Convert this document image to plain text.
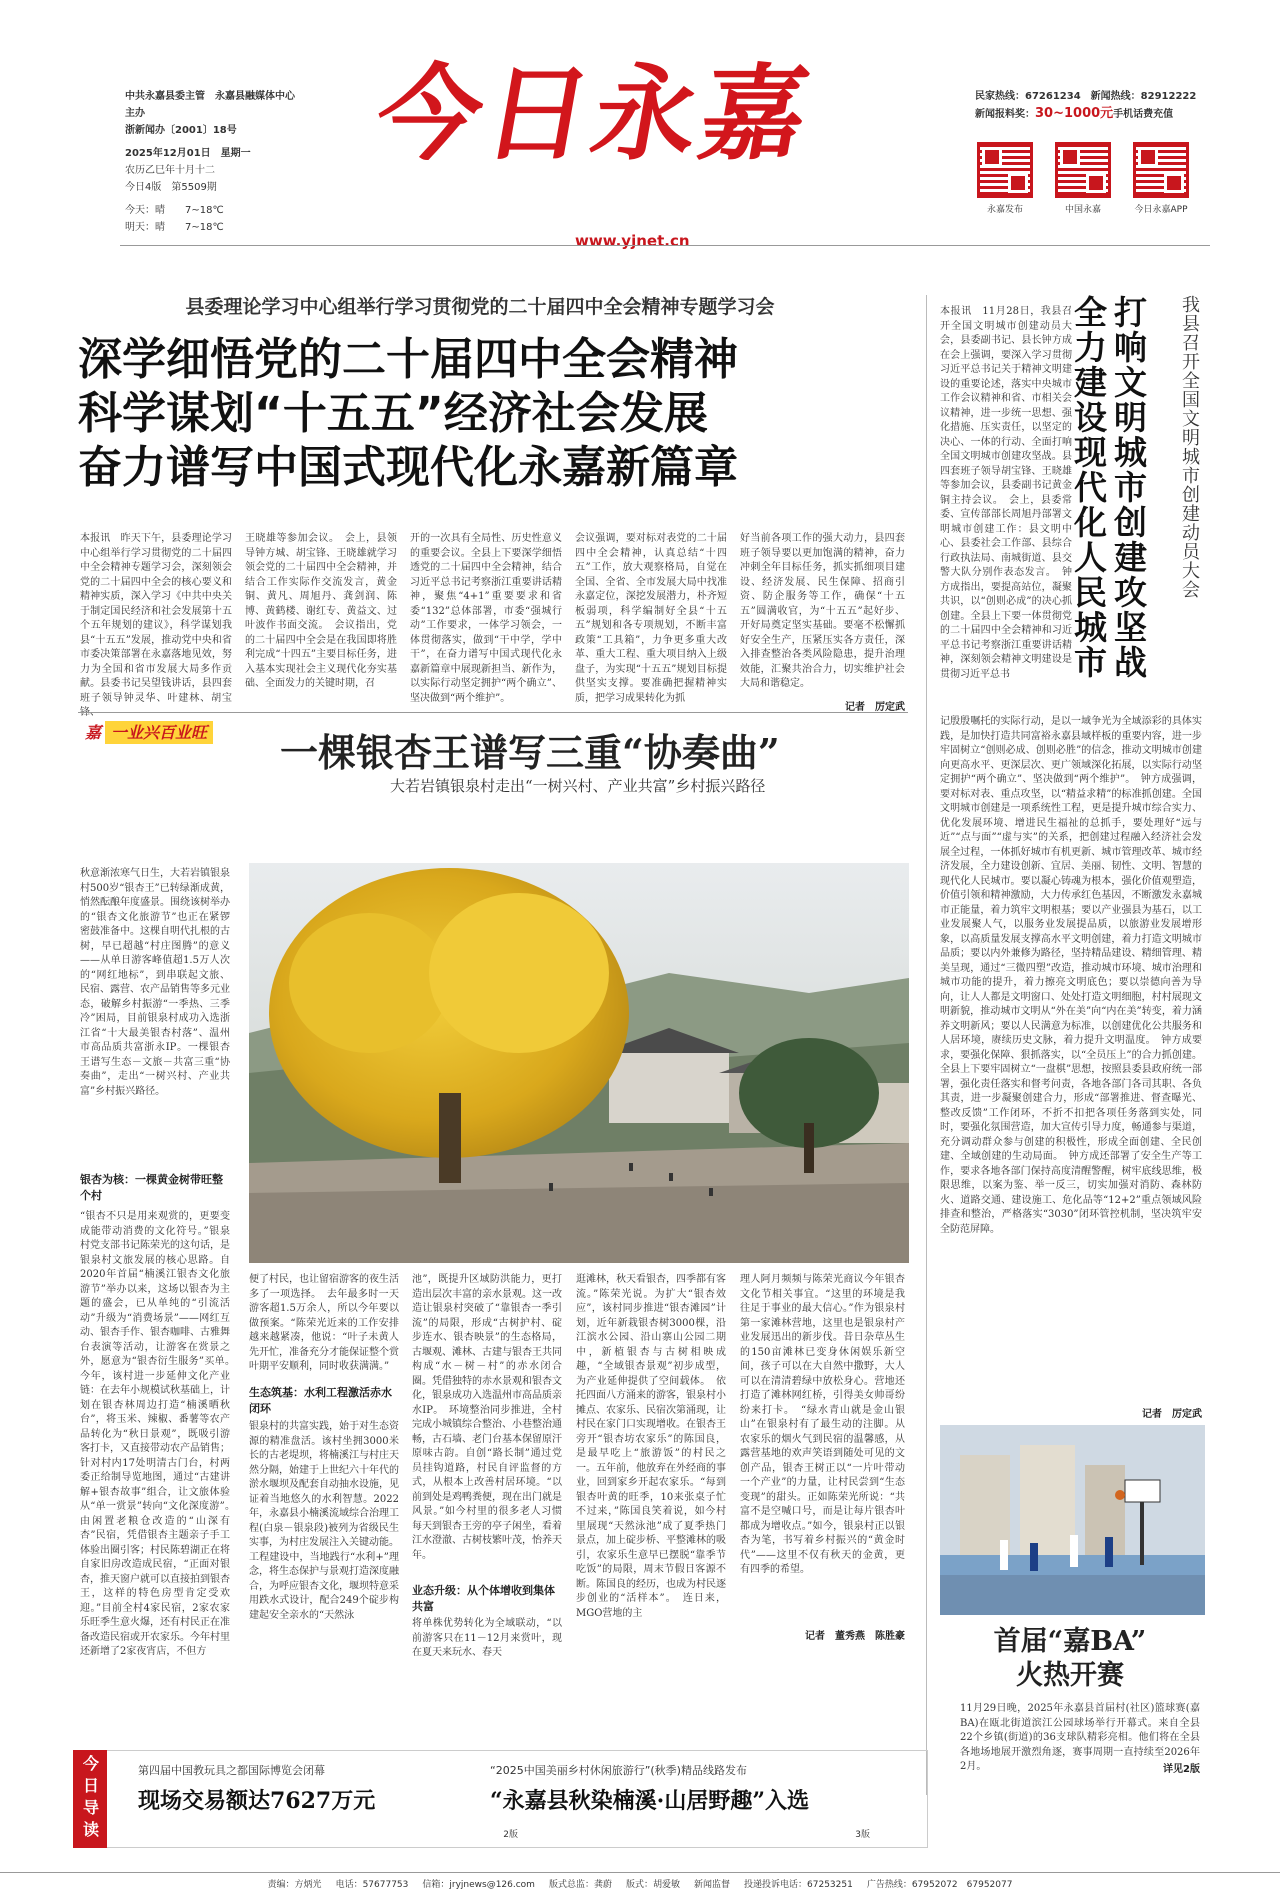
中共永嘉县委主管　永嘉县融媒体中心主办
浙新闻办〔2001〕18号
2025年12月01日　星期一
农历乙巳年十月十二
今日4版　第5509期
今天：晴　　7~18℃
明天：晴　　7~18℃
今日永嘉
www.yjnet.cn
民家热线：67261234　新闻热线：82912222
新闻报料奖：30~1000元手机话费充值
永嘉发布	中国永嘉	今日永嘉APP
县委理论学习中心组举行学习贯彻党的二十届四中全会精神专题学习会
深学细悟党的二十届四中全会精神
科学谋划“十五五”经济社会发展
奋力谱写中国式现代化永嘉新篇章
本报讯　昨天下午，县委理论学习中心组举行学习贯彻党的二十届四中全会精神专题学习会，深刻领会党的二十届四中全会的核心要义和精神实质，深入学习《中共中央关于制定国民经济和社会发展第十五个五年规划的建议》，科学谋划我县“十五五”发展，推动党中央和省市委决策部署在永嘉落地见效，努力为全国和省市发展大局多作贡献。县委书记吴望钱讲话，县四套班子领导钟灵华、叶建林、胡宝锋、
王晓雄等参加会议。　会上，县领导钟方城、胡宝锋、王晓雄就学习领会党的二十届四中全会精神，并结合工作实际作交流发言，黄金铜、黄凡、周旭丹、龚剑润、陈博、黄鹤楼、谢红专、黄益文、过叶波作书面交流。　会议指出，党的二十届四中全会是在我国即将胜利完成“十四五”主要目标任务，进入基本实现社会主义现代化夯实基础、全面发力的关键时期，召
开的一次具有全局性、历史性意义的重要会议。全县上下要深学细悟透党的二十届四中全会精神，结合习近平总书记考察浙江重要讲话精神，聚焦“4+1”重要要求和省委“132”总体部署，市委“强城行动”工作要求，一体学习领会，一体贯彻落实，做到“干中学，学中干”，在奋力谱写中国式现代化永嘉新篇章中展现新担当、新作为，以实际行动坚定拥护“两个确立”、坚决做到“两个维护”。
会议强调，要对标对表党的二十届四中全会精神，认真总结“十四五”工作，放大观察格局，自觉在全国、全省、全市发展大局中找准永嘉定位，深挖发展潜力，朴齐短板弱项，科学编制好全县“十五五”规划和各专项规划，不断丰富政策“工具箱”，力争更多重大改革、重大工程、重大项目纳入上级盘子，为实现“十五五”规划目标提供坚实支撑。要准确把握精神实质，把学习成果转化为抓
好当前各项工作的强大动力，县四套班子领导要以更加饱满的精神，奋力冲刺全年目标任务，抓实抓细项目建设、经济发展、民生保障、招商引资、防企服务等工作，确保“十五五”圆满收官，为“十五五”起好步、开好局奠定坚实基础。要毫不松懈抓好安全生产，压紧压实各方责任，深入排查整治各类风险隐患，提升治理效能，汇聚共治合力，切实维护社会大局和谐稳定。
记者　厉定武
嘉 一业兴百业旺	一棵银杏王谱写三重“协奏曲”
大若岩镇银泉村走出“一树兴村、产业共富”乡村振兴路径
秋意渐浓寒气日生，大若岩镇银泉村500岁“银杏王”已转绿渐成黄，悄然酝酿年度盛景。围绕该树举办的“银杏文化旅游节”也正在紧锣密鼓准备中。这棵自明代扎根的古树，早已超越“村庄图腾”的意义——从单日游客峰值超1.5万人次的“网红地标”，到串联起文旅、民宿、露营、农产品销售等多元业态，破解乡村振游“一季热、三季冷”困局，目前银泉村成功入选浙江省“十大最美银杏村落”、温州市高品质共富浙永IP。一棵银杏王谱写生态－文旅－共富三重“协奏曲”，走出“一树兴村、产业共富”乡村振兴路径。
银杏为核：一棵黄金树带旺整个村
“银杏不只是用来观赏的，更要变成能带动消费的文化符号。”银泉村党支部书记陈荣光的这句话，是银泉村文旅发展的核心思路。自2020年首届“楠溪江银杏文化旅游节”举办以来，这场以银杏为主题的盛会，已从单纯的“引流活动”升级为“消费场景”——网红互动、银杏手作、银杏咖啡、古雅舞台表演等活动，让游客在赏景之外，愿意为“银杏衍生服务”买单。　今年，该村进一步延伸文化产业链：在去年小规模试秋基础上，计划在银杏林周边打造“楠溪晒秋台”，将玉米、辣椒、番薯等农产品转化为“秋日景观”，既吸引游客打卡，又直接带动农产品销售；针对村内17处明清古门台，村两委正给制导览地图，通过“古建讲解+银杏故事”组合，让文旅体验从“单一赏景”转向“文化深度游”。　由闲置老粮仓改造的“山深有杏”民宿，凭借银杏主题亲子手工体验出圈引客；村民陈碧湖正在将自家旧房改造成民宿，“正面对银杏，推天窗户就可以直接拍到银杏王，这样的特色房型肯定受欢迎。”目前全村4家民宿，2家农家乐旺季生意火爆，还有村民正在准备改造民宿或开农家乐。今年村里还新增了2家夜宵店，不但方
便了村民，也让留宿游客的夜生活多了一项选择。　去年最多时一天游客超1.5万余人，所以今年要以做预案。“陈荣光近来的工作安排越来越紧凑，他说：“叶子未黄人先开忙，准备充分才能保证整个赏叶期平安顺利，同时收获满满。”
生态筑基：水利工程激活赤水闭环
银泉村的共富实践，始于对生态资源的精准盘活。该村坐拥3000米长的古老堤坝，将楠溪江与村庄天然分隔，始建于上世纪六十年代的淤水堰坝及配套自动抽水设施，见证着当地悠久的水利智慧。2022年，永嘉县小楠溪流域综合治理工程(白泉－银泉段)被列为省级民生实事，为村庄发展注入关键动能。工程建设中，当地践行“水利+”理念，将生态保护与景观打造深度融合，为呼应银杏文化，堰坝特意采用跌水式设计，配合249个碇步构建起安全亲水的“天然泳
池”，既提升区域防洪能力，更打造出层次丰富的亲水景观。这一改造让银泉村突破了“靠银杏一季引流”的局限，形成“古树护村、碇步连水、银杏映景”的生态格局，古堰观、滩林、古建与银杏王共同构成“水－树－村”的赤水闭合圈。凭借独特的赤水景观和银杏文化，银泉成功入选温州市高品质亲水IP。　环境整治同步推进，全村完成小城镇综合整治、小巷整治通畅，古石墙、老门台基本保留原汗原味古韵。自创“路长制”通过党员挂钩道路，村民自评监督的方式，从根本上改善村居环境。“以前到处是鸡鸭粪便，现在出门就是风景。”如今村里的很多老人习惯每天到银杏王旁的亭子闲坐，看着江水澄澈、古树枝繁叶茂，怡养天年。
业态升级：从个体增收到集体共富
将单株优势转化为全域联动，“以前游客只在11－12月来赏叶，现在夏天来玩水、春天
逛滩林，秋天看银杏，四季都有客流。”陈荣光说。为扩大“银杏效应”，该村同步推进“银杏滩园”计划，近年新栽银杏树3000棵，沿江滨水公园、沿山寨山公园二期中，新植银杏与古树相映成趣，“全域银杏景观”初步成型，为产业延伸提供了空间载体。　依托四面八方涌来的游客，银泉村小摊点、农家乐、民宿次第涌现，让村民在家门口实现增收。在银杏王旁开“银杏坊农家乐”的陈国良，是最早吃上“旅游饭”的村民之一。五年前，他放弃在外经商的事业，回到家乡开起农家乐。“每到银杏叶黄的旺季，10来张桌子忙不过来，”陈国良笑着说，如今村里展现“天然泳池”成了夏季热门景点，加上碇步桥、平整滩林的吸引，农家乐生意早已摆脱“靠季节吃饭”的局限，周末节假日客源不断。陈国良的经历，也成为村民逐步创业的“活样本”。　连日来，MGO营地的主
理人阿月频频与陈荣光商议今年银杏文化节相关事宜。“这里的环境是我往足于事业的最大信心。”作为银泉村第一家滩林营地，这里也是银泉村产业发展迅出的新步伐。昔日杂草丛生的150亩滩林已变身休闲娱乐新空间，孩子可以在大自然中撒野，大人可以在清清碧绿中放松身心。营地还打造了滩林网红桥，引得美女帅哥纷纷来打卡。　“绿水青山就是金山银山”在银泉村有了最生动的注脚。从农家乐的烟火气到民宿的温馨感，从露营基地的欢声笑语到随处可见的文创产品，银杏王树正以“一片叶带动一个产业”的力量，让村民尝到“生态变现”的甜头。正如陈荣光所说：“共富不是空喊口号，而是让每片银杏叶都成为增收点。”如今，银泉村正以银杏为笔，书写着乡村振兴的“黄金时代”——这里不仅有秋天的金黄，更有四季的希望。
记者　董秀燕　陈胜豪
我县召开全国文明城市创建动员大会
打响文明城市创建攻坚战
全力建设现代化人民城市
本报讯　11月28日，我县召开全国文明城市创建动员大会，县委副书记、县长钟方成在会上强调，要深入学习贯彻习近平总书记关于精神文明建设的重要论述，落实中央城市工作会议精神和省、市相关会议精神，进一步统一思想、强化措施、压实责任，以坚定的决心、一体的行动、全面打响全国文明城市创建攻坚战。县四套班子领导胡宝锋、王晓雄等参加会议，县委副书记黄金铜主持会议。　会上，县委常委、宣传部部长周旭丹部署文明城市创建工作：县文明中心、县委社会工作部、县综合行政执法局、南城街道、县交警大队分别作表态发言。　钟方成指出，要提高站位，凝聚共识，以“创则必成”的决心抓创建。全县上下要一体贯彻党的二十届四中全会精神和习近平总书记考察浙江重要讲话精神，深刻领会精神文明建设是贯彻习近平总书
记殷殷嘱托的实际行动，是以一域争光为全域添彩的具体实践，是加快打造共同富裕永嘉县域样板的重要内容，进一步牢固树立“创则必成、创则必胜”的信念，推动文明城市创建向更高水平、更深层次、更广领域深化拓展，以实际行动坚定拥护“两个确立”、坚决做到“两个维护”。　钟方成强调，要对标对表、重点攻坚，以“精益求精”的标准抓创建。全国文明城市创建是一项系统性工程，更是提升城市综合实力、优化发展环境、增进民生福祉的总抓手，要处理好“远与近”“点与面”“虚与实”的关系，把创建过程融入经济社会发展全过程，一体抓好城市有机更新、城市管理改革、城市经济发展，全力建设创新、宜居、美丽、韧性、文明、智慧的现代化人民城市。要以凝心铸魂为根本，强化价值观塑造，价值引领和精神激励，大力传承红色基因，不断激发永嘉城市正能量，着力筑牢文明根基；要以产业强县为基石，以工业发展聚人气，以服务业发展提品质，以旅游业发展增形象，以高质量发展支撑高水平文明创建，着力打造文明城市品质；要以内外兼修为路径，坚持精品建设、精细管理、精美呈现，通过“三微四塑”改造，推动城市环境、城市治理和城市功能的提升，着力擦亮文明底色；要以崇德向善为导向，让人人都是文明窗口、处处打造文明细胞，村村展现文明新貌，推动城市文明从“外在美”向“内在美”转变，着力涵养文明新风；要以人民满意为标准，以创建优化公共服务和人居环境，赓续历史文脉，着力提升文明温度。　钟方成要求，要强化保障、狠抓落实，以“全员压上”的合力抓创建。全县上下要牢固树立“一盘棋”思想，按照县委县政府统一部署，强化责任落实和督考问责，各地各部门各司其职、各负其责，进一步凝聚创建合力，形成“部署推进、督查曝光、整改反馈”工作闭环，不折不扣把各项任务落到实处，同时，要强化氛围营造，加大宣传引导力度，畅通参与渠道，充分调动群众参与创建的积极性，形成全面创建、全民创建、全域创建的生动局面。　钟方成还部署了安全生产等工作，要求各地各部门保持高度清醒警醒，树牢底线思维，极限思维，以案为鉴、举一反三，切实加强对消防、森林防火、道路交通、建设施工、危化品等“12+2”重点领域风险排查和整治，严格落实“3030”闭环管控机制，坚决筑牢安全防范屏障。
记者　厉定武
首届“嘉BA”
火热开赛
11月29日晚，2025年永嘉县首届村(社区)篮球赛(嘉BA)在瓯北街道滨江公园球场举行开幕式。来自全县22个乡镇(街道)的36支球队精彩亮相。他们将在全县各地场地展开激烈角逐，赛事周期一直持续至2026年2月。	详见2版
今日导读	第四届中国教玩具之都国际博览会闭幕
现场交易额达7627万元
2版
“2025中国美丽乡村休闲旅游行”(秋季)精品线路发布
“永嘉县秋染楠溪·山居野趣”入选
3版
责编：方炳光 电话：57677753 信箱：jryjnews@126.com 版式总监：龚蔚 版式：胡爱敏 新闻监督 投递投诉电话：67253251 广告热线：67952072　67952077
